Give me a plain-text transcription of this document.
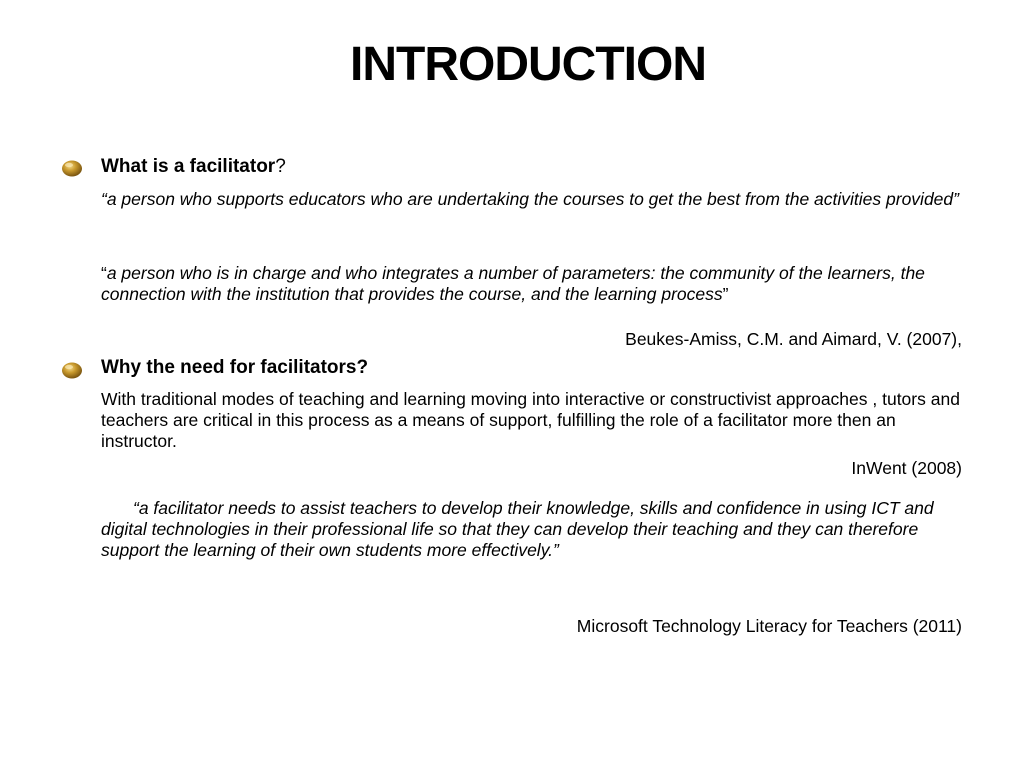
INTRODUCTION
What is a facilitator?
“a person who supports educators who are undertaking the courses to get the best from the activities provided”
“a person who is in charge and who integrates a number of parameters: the community of the learners, the connection with the institution that provides the course, and the learning process”
Beukes-Amiss, C.M. and Aimard, V. (2007),
Why the need for facilitators?
With traditional modes of teaching and learning moving into interactive or constructivist approaches , tutors and teachers are critical in this process as a means of support, fulfilling the role of a facilitator more then an instructor.
InWent (2008)
“a facilitator needs to assist teachers to develop their knowledge, skills and confidence in using ICT and digital technologies in their professional life so that they can develop their teaching and they can therefore support the learning of their own students more effectively.”
Microsoft Technology Literacy for Teachers (2011)
